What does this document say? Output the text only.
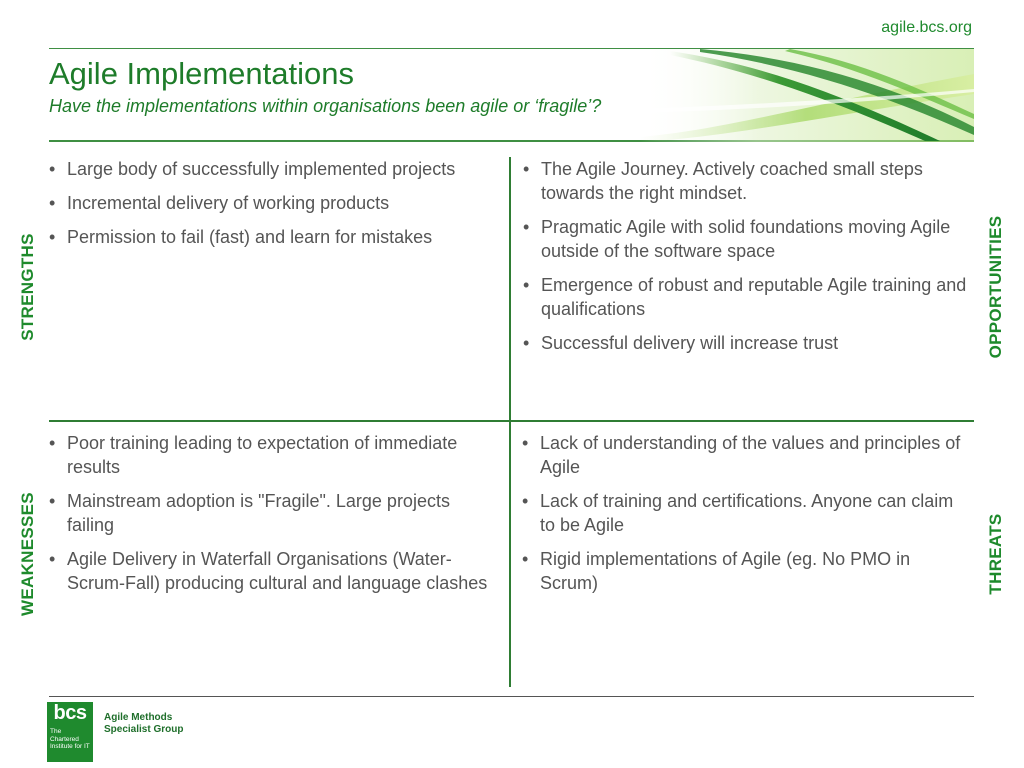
agile.bcs.org
Agile Implementations

Have the implementations within organisations been agile or ‘fragile’?

STRENGTHS
WEAKNESSES
OPPORTUNITIES
THREATS
• Large body of successfully implemented projects
• Incremental delivery of working products
• Permission to fail (fast) and learn for mistakes
• The Agile Journey. Actively coached small steps towards the right mindset.
• Pragmatic Agile with solid foundations moving Agile outside of the software space
• Emergence of robust and reputable Agile training and qualifications
• Successful delivery will increase trust
• Poor training leading to expectation of immediate results
• Mainstream adoption is "Fragile". Large projects failing
• Agile Delivery in Waterfall Organisations (Water-Scrum-Fall) producing cultural and language clashes
• Lack of understanding of the values and principles of Agile
• Lack of training and certifications. Anyone can claim to be Agile
• Rigid implementations of Agile (eg. No PMO in Scrum)
bcs
The Chartered Institute for IT
Agile Methods
Specialist Group
